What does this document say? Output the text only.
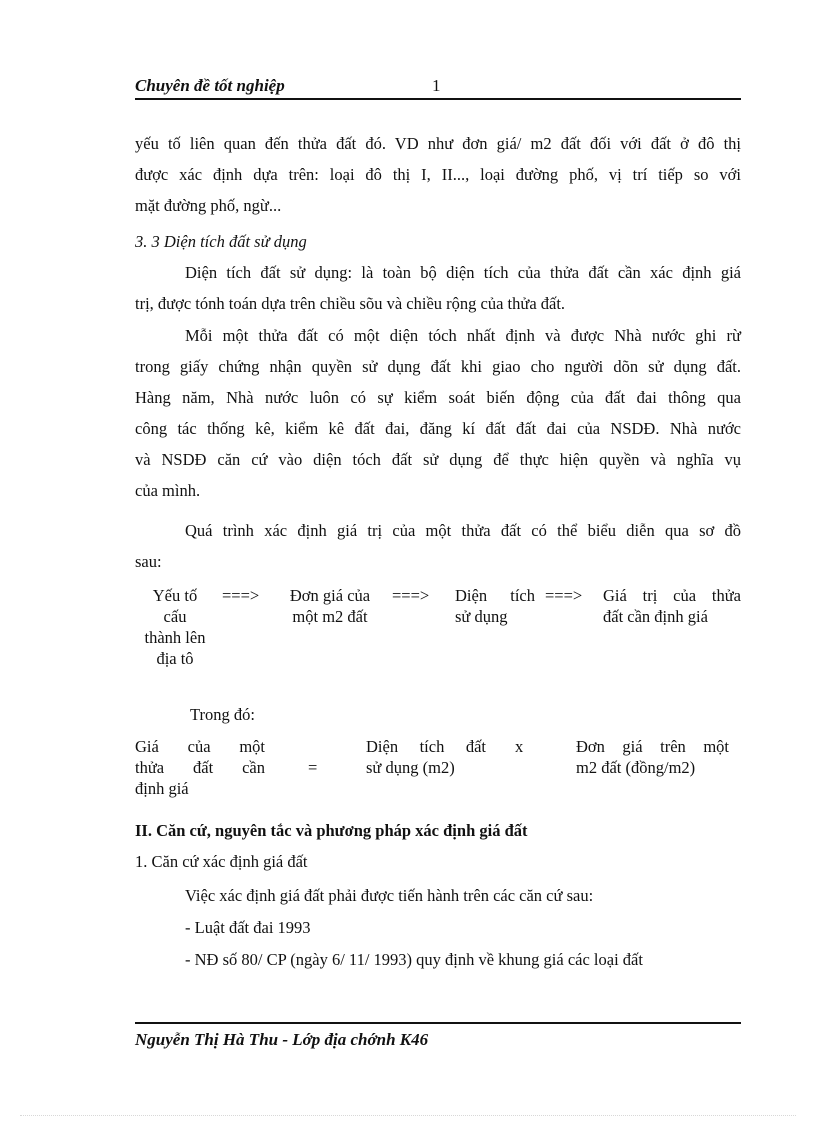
Chuyên đề tốt nghiệp	1
yếu tố liên quan đến thửa đất đó. VD như đơn giá/ m2 đất đối với đất ở đô thị
được xác định dựa trên: loại đô thị I, II..., loại đường phố, vị trí tiếp so với
mặt đường phố, ngừ...
3. 3 Diện tích đất sử dụng
Diện tích đất sử dụng: là toàn bộ diện tích của thửa đất cần xác định giá
trị, được tónh toán dựa trên chiều sõu và chiều rộng của thửa đất.
Mỗi một thửa đất có một diện tóch nhất định và được Nhà nước ghi rừ
trong giấy chứng nhận quyền sử dụng đất khi giao cho người dõn sử dụng đất.
Hàng năm, Nhà nước luôn có sự kiểm soát biến động của đất đai thông qua
công tác thống kê, kiểm kê đất đai, đăng kí đất đất đai của NSDĐ. Nhà nước
và NSDĐ căn cứ vào diện tóch đất sử dụng để thực hiện quyền và nghĩa vụ
của mình.
Quá trình xác định giá trị của một thửa đất có thể biểu diễn qua sơ đồ
sau:
Yếu tố
cấu
thành lên
địa tô
===>	Đơn giá của
một m2 đất
===> Diện tích
sử dụng
===> Giá trị của thửa
đất cần định giá
Trong đó:
Giá của một
thửa đất cần
định giá
=
Diện tích đất
sử dụng (m2)
x	Đơn giá trên một
m2 đất (đồng/m2)
II. Căn cứ, nguyên tắc và phương pháp xác định giá đất
1. Căn cứ xác định giá đất
Việc xác định giá đất phải được tiến hành trên các căn cứ sau:
- Luật đất đai 1993
- NĐ số 80/ CP (ngày 6/ 11/ 1993) quy định về khung giá các loại đất
Nguyễn Thị Hà Thu - Lớp địa chớnh K46
